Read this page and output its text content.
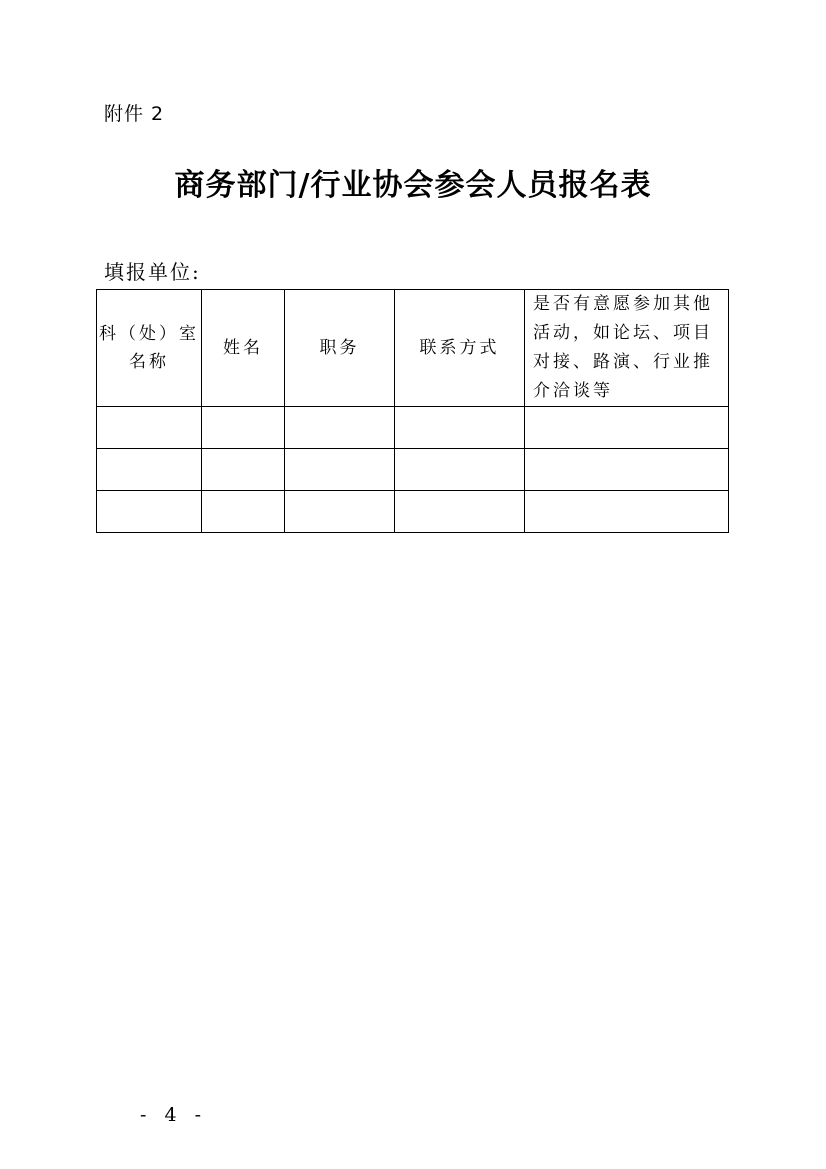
附件 2
商务部门/行业协会参会人员报名表
填报单位:
科（处）室名称	姓名	职务	联系方式	是否有意愿参加其他活动，如论坛、项目对接、路演、行业推介洽谈等

- 4 -
